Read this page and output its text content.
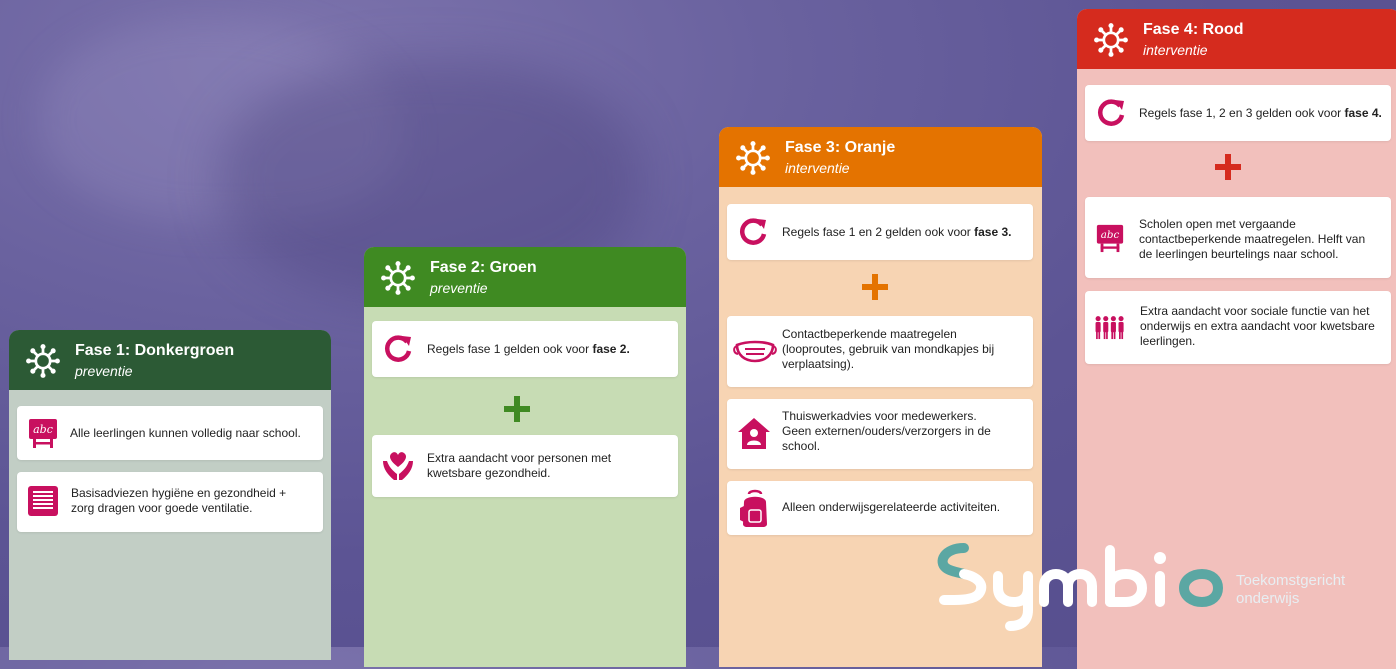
Fase 1: Donkergroen
preventie
Alle leerlingen kunnen volledig naar school.
Basisadviezen hygiëne en gezondheid + zorg dragen voor goede ventilatie.
Fase 2: Groen
preventie
Regels fase 1 gelden ook voor fase 2.
Extra aandacht voor personen met kwetsbare gezondheid.
Fase 3: Oranje
interventie
Regels fase 1 en 2 gelden ook voor fase 3.
Contactbeperkende maatregelen (looproutes, gebruik van mondkapjes bij verplaatsing).
Thuiswerkadvies voor medewerkers. Geen externen/ouders/verzorgers in de school.
Alleen onderwijsgerelateerde activiteiten.
Fase 4: Rood
interventie
Regels fase 1, 2 en 3 gelden ook voor fase 4.
Scholen open met vergaande contactbeperkende maatregelen. Helft van de leerlingen beurtelings naar school.
Extra aandacht voor sociale functie van het onderwijs en extra aandacht voor kwetsbare leerlingen.
Toekomstgericht
onderwijs
